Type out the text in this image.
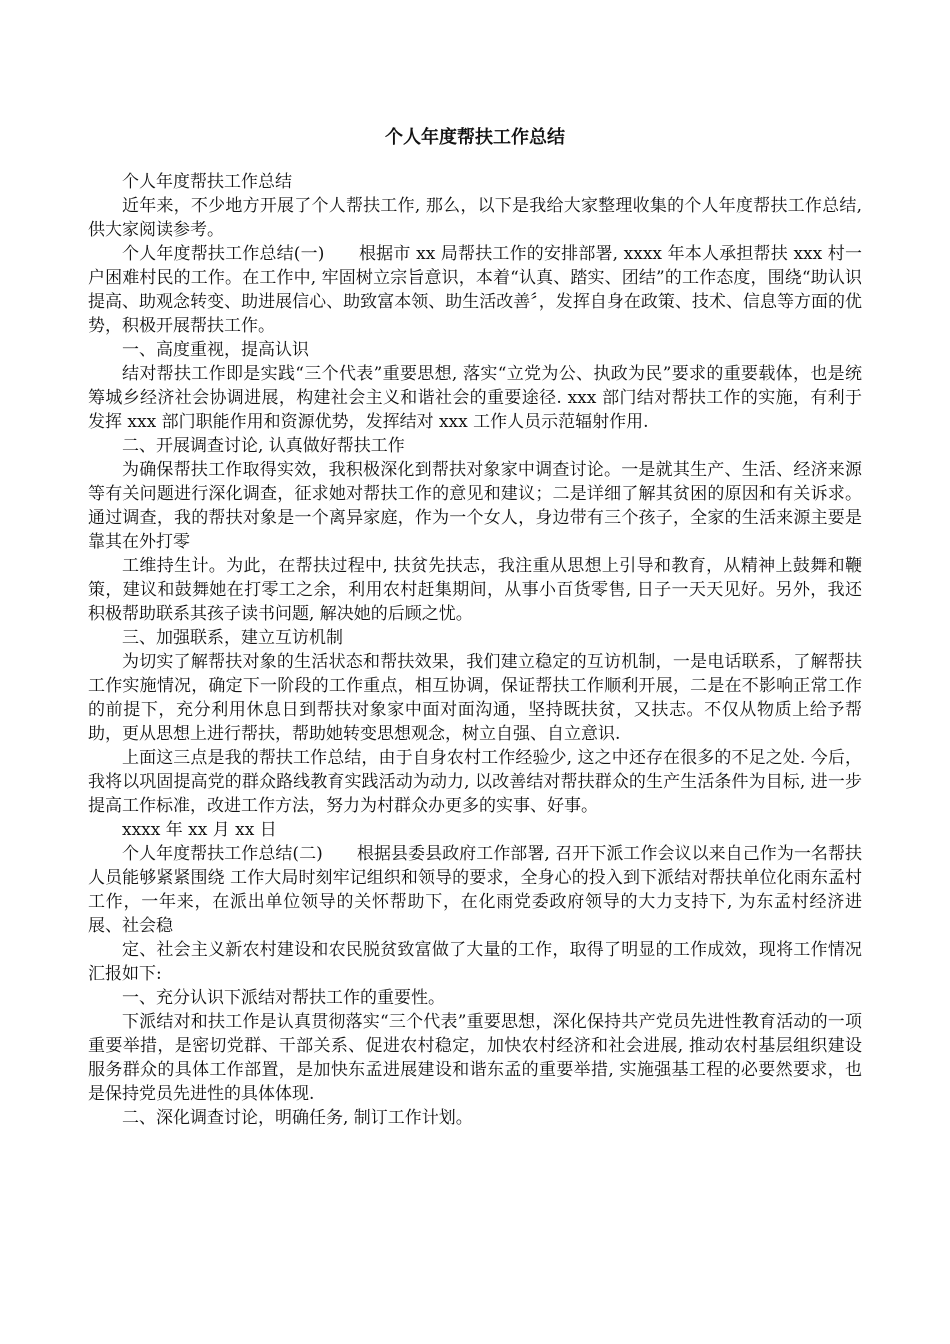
个人年度帮扶工作总结

个人年度帮扶工作总结

近年来，不少地方开展了个人帮扶工作, 那么，以下是我给大家整理收集的个人年度帮扶工作总结, 供大家阅读参考。

个人年度帮扶工作总结(一)　　根据市 xx 局帮扶工作的安排部署, xxxx 年本人承担帮扶 xxx 村一户困难村民的工作。在工作中, 牢固树立宗旨意识，本着“认真、踏实、团结”的工作态度，围绕“助认识提高、助观念转变、助进展信心、助致富本领、助生活改善〞，发挥自身在政策、技术、信息等方面的优势，积极开展帮扶工作。

一、高度重视，提高认识

结对帮扶工作即是实践“三个代表”重要思想, 落实“立党为公、执政为民”要求的重要载体，也是统筹城乡经济社会协调进展，构建社会主义和谐社会的重要途径. xxx 部门结对帮扶工作的实施，有利于发挥 xxx 部门职能作用和资源优势，发挥结对 xxx 工作人员示范辐射作用.

二、开展调查讨论, 认真做好帮扶工作

为确保帮扶工作取得实效，我积极深化到帮扶对象家中调查讨论。一是就其生产、生活、经济来源等有关问题进行深化调查，征求她对帮扶工作的意见和建议；二是详细了解其贫困的原因和有关诉求。通过调查，我的帮扶对象是一个离异家庭，作为一个女人，身边带有三个孩子，全家的生活来源主要是靠其在外打零

工维持生计。为此，在帮扶过程中, 扶贫先扶志，我注重从思想上引导和教育，从精神上鼓舞和鞭策，建议和鼓舞她在打零工之余，利用农村赶集期间，从事小百货零售, 日子一天天见好。另外，我还积极帮助联系其孩子读书问题, 解决她的后顾之忧。

三、加强联系，建立互访机制

为切实了解帮扶对象的生活状态和帮扶效果，我们建立稳定的互访机制，一是电话联系，了解帮扶工作实施情况，确定下一阶段的工作重点，相互协调，保证帮扶工作顺利开展，二是在不影响正常工作的前提下，充分利用休息日到帮扶对象家中面对面沟通，坚持既扶贫，又扶志。不仅从物质上给予帮助，更从思想上进行帮扶，帮助她转变思想观念，树立自强、自立意识.

上面这三点是我的帮扶工作总结，由于自身农村工作经验少, 这之中还存在很多的不足之处. 今后，我将以巩固提高党的群众路线教育实践活动为动力, 以改善结对帮扶群众的生产生活条件为目标, 进一步提高工作标准，改进工作方法，努力为村群众办更多的实事、好事。

xxxx 年 xx 月 xx 日

个人年度帮扶工作总结(二)　　根据县委县政府工作部署, 召开下派工作会议以来自己作为一名帮扶人员能够紧紧围绕 工作大局时刻牢记组织和领导的要求，全身心的投入到下派结对帮扶单位化雨东孟村工作，一年来，在派出单位领导的关怀帮助下，在化雨党委政府领导的大力支持下, 为东孟村经济进展、社会稳

定、社会主义新农村建设和农民脱贫致富做了大量的工作，取得了明显的工作成效，现将工作情况汇报如下:

一、充分认识下派结对帮扶工作的重要性。

下派结对和扶工作是认真贯彻落实“三个代表”重要思想，深化保持共产党员先进性教育活动的一项重要举措，是密切党群、干部关系、促进农村稳定，加快农村经济和社会进展, 推动农村基层组织建设服务群众的具体工作部置，是加快东孟进展建设和谐东孟的重要举措, 实施强基工程的必要然要求，也是保持党员先进性的具体体现.

二、深化调查讨论，明确任务, 制订工作计划。
